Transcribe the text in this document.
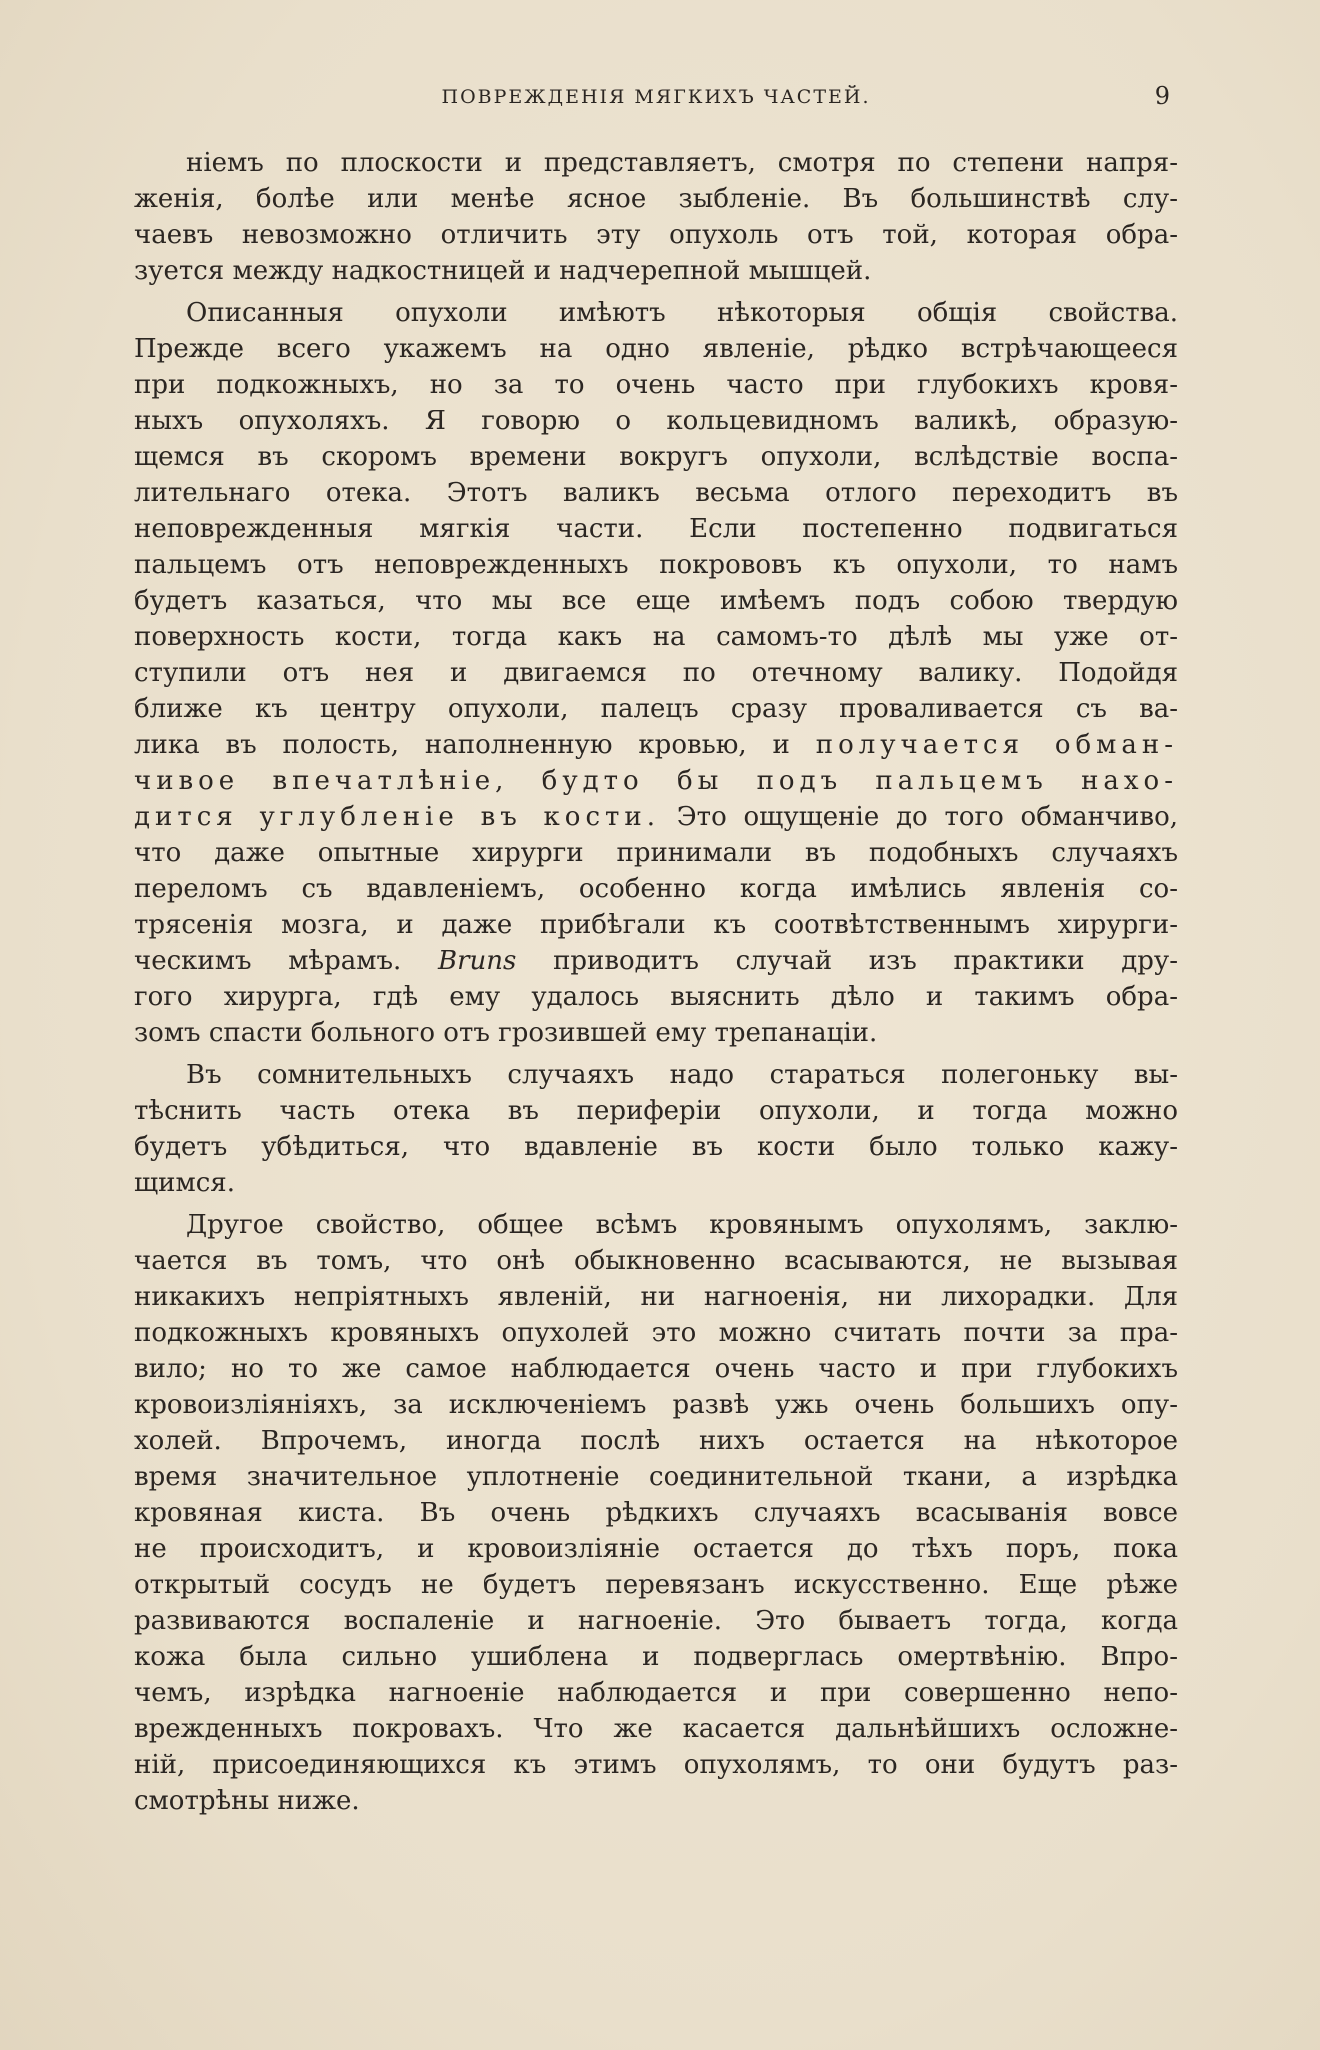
ПОВРЕЖДЕНІЯ МЯГКИХЪ ЧАСТЕЙ.	9
ніемъ по плоскости и представляетъ, смотря по степени напря-
женія, болѣе или менѣе ясное зыбленіе. Въ большинствѣ слу-
чаевъ невозможно отличить эту опухоль отъ той, которая обра-
зуется между надкостницей и надчерепной мышцей.
Описанныя опухоли имѣютъ нѣкоторыя общія свойства.
Прежде всего укажемъ на одно явленіе, рѣдко встрѣчающееся
при подкожныхъ, но за то очень часто при глубокихъ кровя-
ныхъ опухоляхъ. Я говорю о кольцевидномъ валикѣ, образую-
щемся въ скоромъ времени вокругъ опухоли, вслѣдствіе воспа-
лительнаго отека. Этотъ валикъ весьма отлого переходитъ въ
неповрежденныя мягкія части. Если постепенно подвигаться
пальцемъ отъ неповрежденныхъ покрововъ къ опухоли, то намъ
будетъ казаться, что мы все еще имѣемъ подъ собою твердую
поверхность кости, тогда какъ на самомъ-то дѣлѣ мы уже от-
ступили отъ нея и двигаемся по отечному валику. Подойдя
ближе къ центру опухоли, палецъ сразу проваливается съ ва-
лика въ полость, наполненную кровью, и получается обман-
чивое впечатлѣніе, будто бы подъ пальцемъ нахо-
дится углубленіе въ кости. Это ощущеніе до того обманчиво,
что даже опытные хирурги принимали въ подобныхъ случаяхъ
переломъ съ вдавленіемъ, особенно когда имѣлись явленія со-
трясенія мозга, и даже прибѣгали къ соотвѣтственнымъ хирурги-
ческимъ мѣрамъ. Bruns приводитъ случай изъ практики дру-
гого хирурга, гдѣ ему удалось выяснить дѣло и такимъ обра-
зомъ спасти больного отъ грозившей ему трепанаціи.
Въ сомнительныхъ случаяхъ надо стараться полегоньку вы-
тѣснить часть отека въ периферіи опухоли, и тогда можно
будетъ убѣдиться, что вдавленіе въ кости было только кажу-
щимся.
Другое свойство, общее всѣмъ кровянымъ опухолямъ, заклю-
чается въ томъ, что онѣ обыкновенно всасываются, не вызывая
никакихъ непріятныхъ явленій, ни нагноенія, ни лихорадки. Для
подкожныхъ кровяныхъ опухолей это можно считать почти за пра-
вило; но то же самое наблюдается очень часто и при глубокихъ
кровоизліяніяхъ, за исключеніемъ развѣ ужь очень большихъ опу-
холей. Впрочемъ, иногда послѣ нихъ остается на нѣкоторое
время значительное уплотненіе соединительной ткани, а изрѣдка
кровяная киста. Въ очень рѣдкихъ случаяхъ всасыванія вовсе
не происходитъ, и кровоизліяніе остается до тѣхъ поръ, пока
открытый сосудъ не будетъ перевязанъ искусственно. Еще рѣже
развиваются воспаленіе и нагноеніе. Это бываетъ тогда, когда
кожа была сильно ушиблена и подверглась омертвѣнію. Впро-
чемъ, изрѣдка нагноеніе наблюдается и при совершенно непо-
врежденныхъ покровахъ. Что же касается дальнѣйшихъ осложне-
ній, присоединяющихся къ этимъ опухолямъ, то они будутъ раз-
смотрѣны ниже.
